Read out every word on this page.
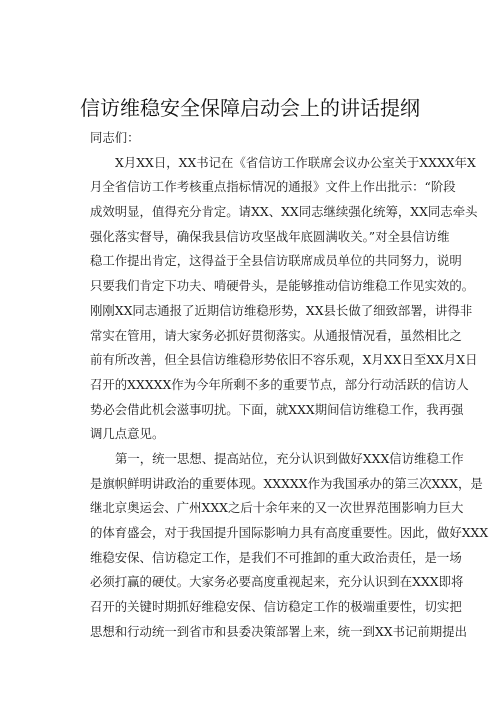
信访维稳安全保障启动会上的讲话提纲
同志们：
X月XX日，XX书记在《省信访工作联席会议办公室关于XXXX年X
月全省信访工作考核重点指标情况的通报》文件上作出批示：“阶段
成效明显，值得充分肯定。请XX、XX同志继续强化统筹，XX同志牵头
强化落实督导，确保我县信访攻坚战年底圆满收关。”对全县信访维
稳工作提出肯定，这得益于全县信访联席成员单位的共同努力，说明
只要我们肯定下功夫、啃硬骨头，是能够推动信访维稳工作见实效的。
刚刚XX同志通报了近期信访维稳形势，XX县长做了细致部署，讲得非
常实在管用，请大家务必抓好贯彻落实。从通报情况看，虽然相比之
前有所改善，但全县信访维稳形势依旧不容乐观，X月XX日至XX月X日
召开的XXXXX作为今年所剩不多的重要节点，部分行动活跃的信访人
势必会借此机会滋事叨扰。下面，就XXX期间信访维稳工作，我再强
调几点意见。
第一，统一思想、提高站位，充分认识到做好XXX信访维稳工作
是旗帜鲜明讲政治的重要体现。XXXXX作为我国承办的第三次XXX，是
继北京奥运会、广州XXX之后十余年来的又一次世界范围影响力巨大
的体育盛会，对于我国提升国际影响力具有高度重要性。因此，做好XXX
维稳安保、信访稳定工作，是我们不可推卸的重大政治责任，是一场
必须打赢的硬仗。大家务必要高度重视起来，充分认识到在XXX即将
召开的关键时期抓好维稳安保、信访稳定工作的极端重要性，切实把
思想和行动统一到省市和县委决策部署上来，统一到XX书记前期提出
